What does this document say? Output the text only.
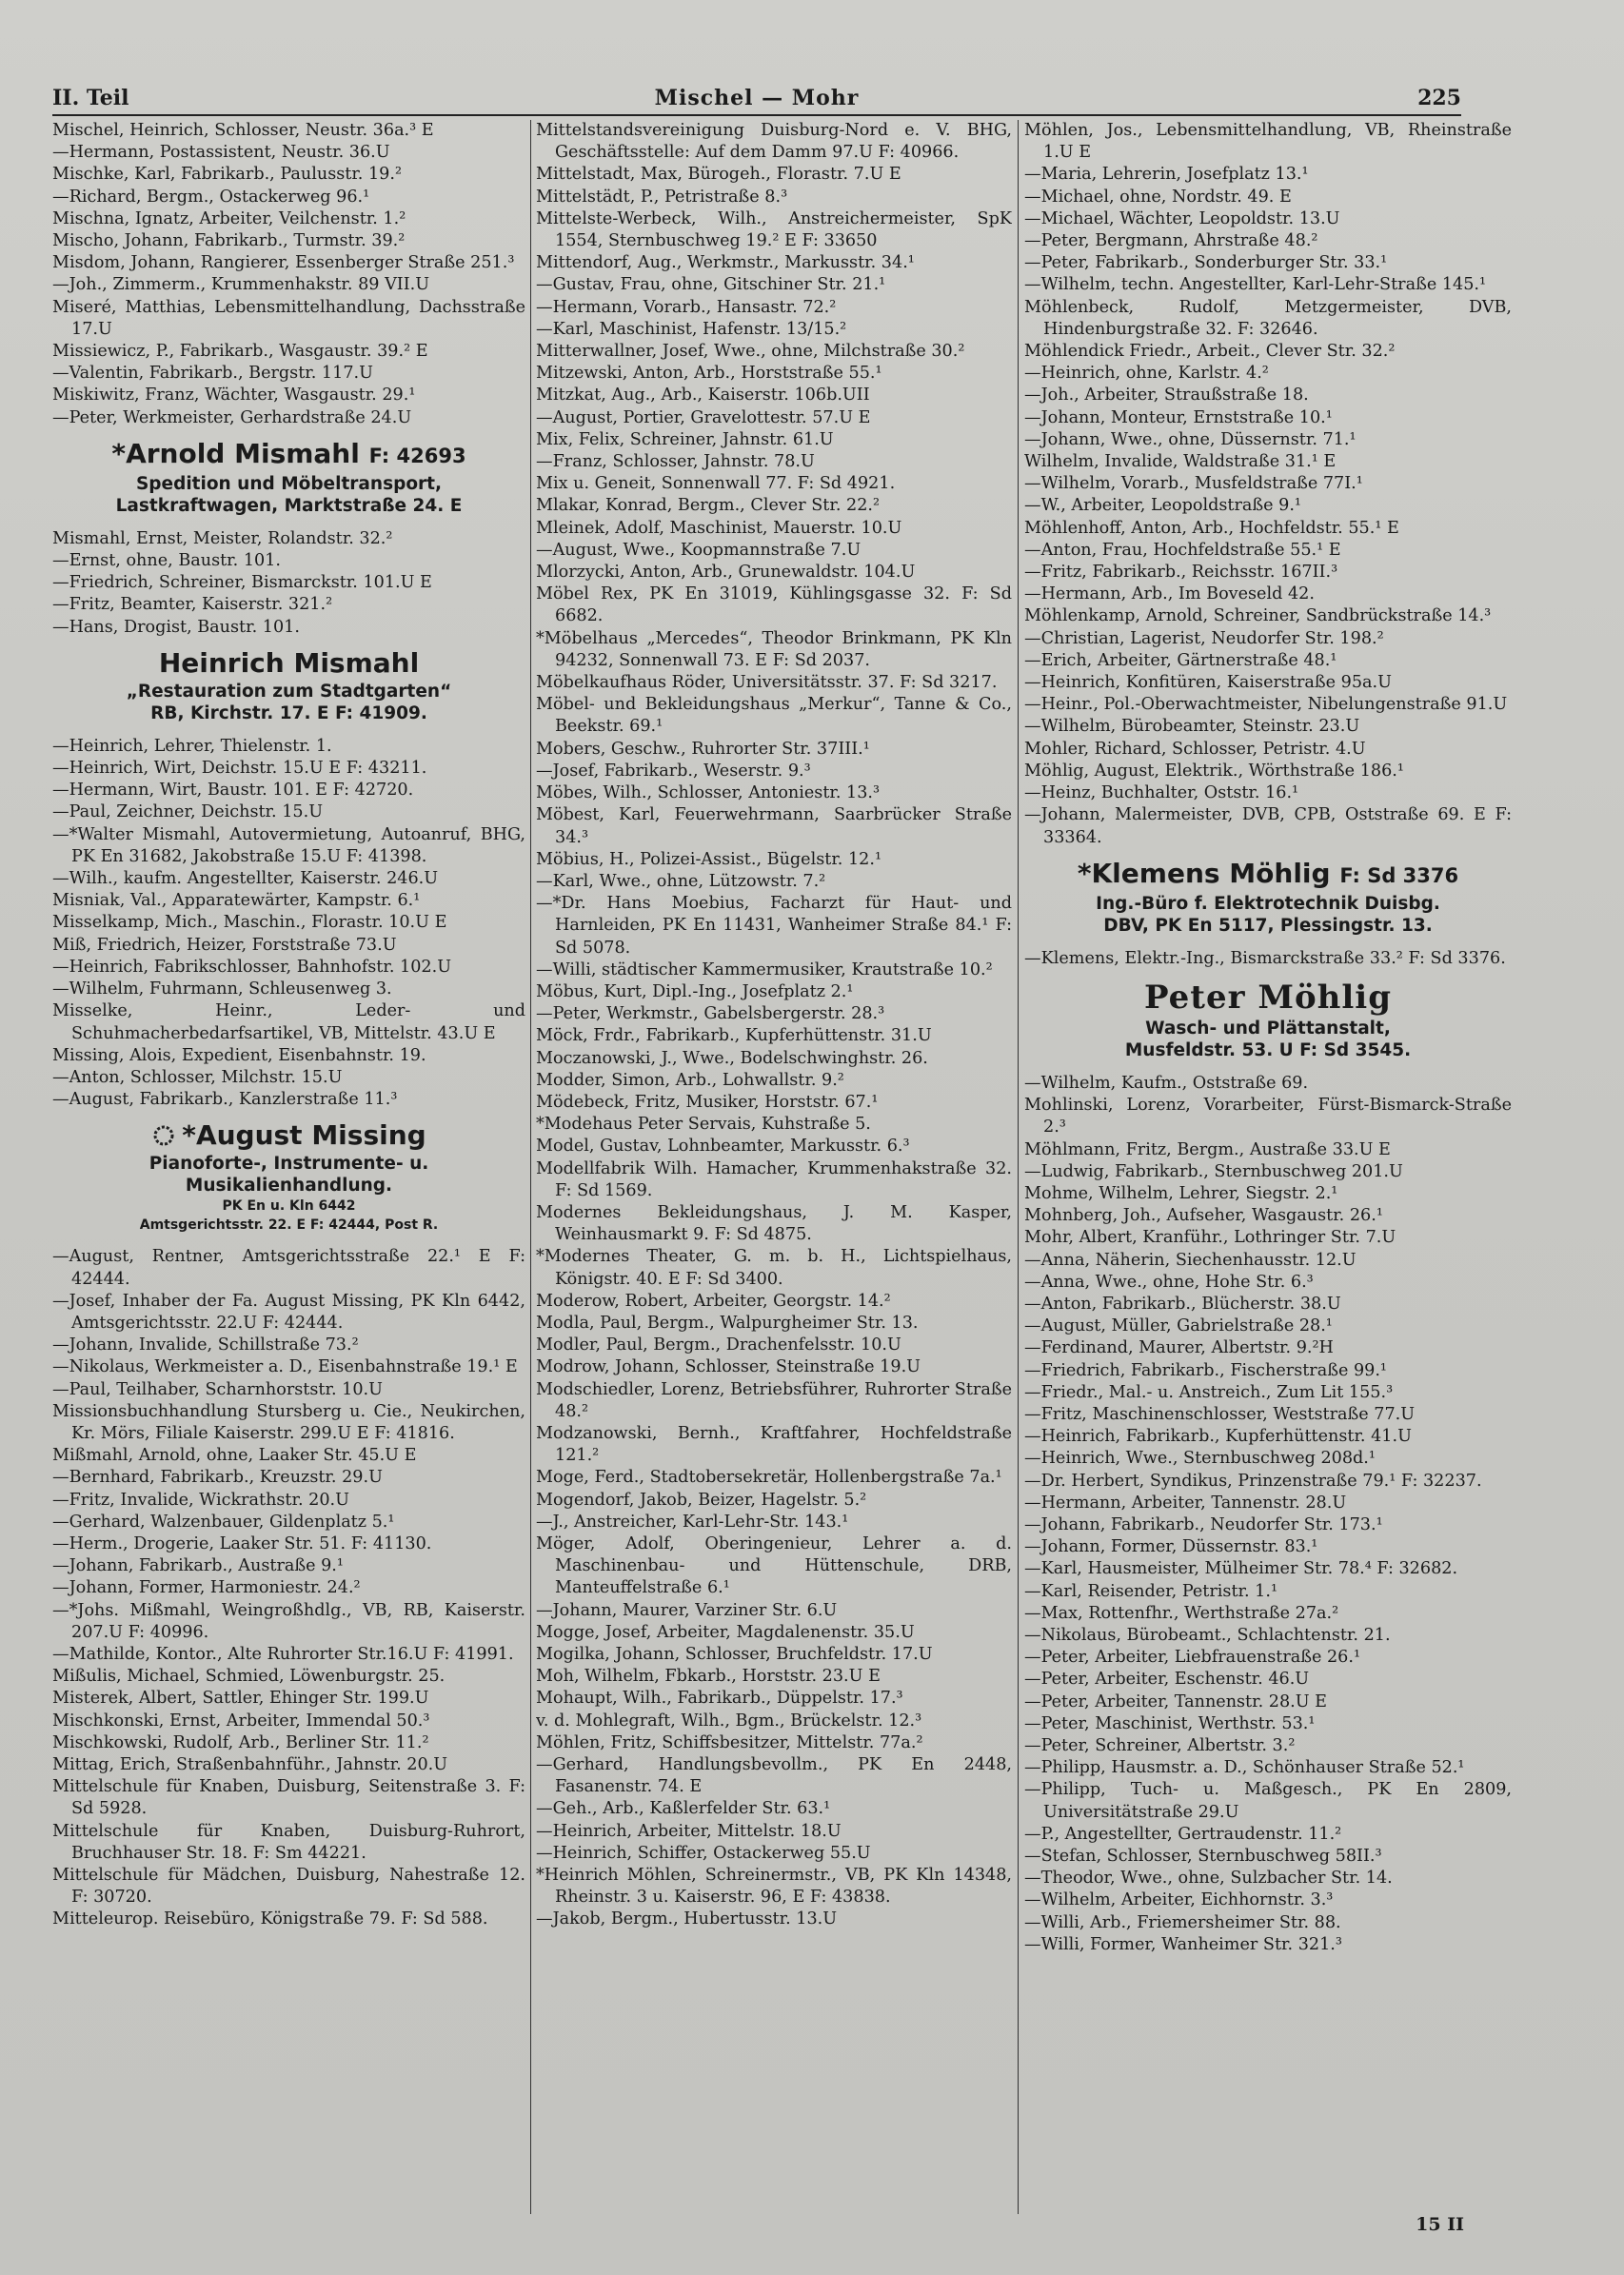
II. Teil	Mischel — Mohr	225
Mischel, Heinrich, Schlosser, Neustr. 36a.³ E
—Hermann, Postassistent, Neustr. 36.U
Mischke, Karl, Fabrikarb., Paulusstr. 19.²
—Richard, Bergm., Ostackerweg 96.¹
Mischna, Ignatz, Arbeiter, Veilchenstr. 1.²
Mischo, Johann, Fabrikarb., Turmstr. 39.²
Misdom, Johann, Rangierer, Essenberger Straße 251.³
—Joh., Zimmerm., Krummenhakstr. 89 VII.U
Miseré, Matthias, Lebensmittelhandlung, Dachsstraße 17.U
Missiewicz, P., Fabrikarb., Wasgaustr. 39.² E
—Valentin, Fabrikarb., Bergstr. 117.U
Miskiwitz, Franz, Wächter, Wasgaustr. 29.¹
—Peter, Werkmeister, Gerhardstraße 24.U
*Arnold Mismahl F: 42693
Spedition und Möbeltransport,
Lastkraftwagen, Marktstraße 24. E
Mismahl, Ernst, Meister, Rolandstr. 32.²
—Ernst, ohne, Baustr. 101.
—Friedrich, Schreiner, Bismarckstr. 101.U E
—Fritz, Beamter, Kaiserstr. 321.²
—Hans, Drogist, Baustr. 101.
Heinrich Mismahl
„Restauration zum Stadtgarten“
RB, Kirchstr. 17. E F: 41909.
—Heinrich, Lehrer, Thielenstr. 1.
—Heinrich, Wirt, Deichstr. 15.U E F: 43211.
—Hermann, Wirt, Baustr. 101. E F: 42720.
—Paul, Zeichner, Deichstr. 15.U
—*Walter Mismahl, Autovermietung, Autoanruf, BHG, PK En 31682, Jakobstraße 15.U F: 41398.
—Wilh., kaufm. Angestellter, Kaiserstr. 246.U
Misniak, Val., Apparatewärter, Kampstr. 6.¹
Misselkamp, Mich., Maschin., Florastr. 10.U E
Miß, Friedrich, Heizer, Forststraße 73.U
—Heinrich, Fabrikschlosser, Bahnhofstr. 102.U
—Wilhelm, Fuhrmann, Schleusenweg 3.
Misselke, Heinr., Leder- und Schuhmacherbedarfsartikel, VB, Mittelstr. 43.U E
Missing, Alois, Expedient, Eisenbahnstr. 19.
—Anton, Schlosser, Milchstr. 15.U
—August, Fabrikarb., Kanzlerstraße 11.³
*August Missing
Pianoforte-, Instrumente- u. Musikalienhandlung.
PK En u. Kln 6442
Amtsgerichtsstr. 22. E F: 42444, Post R.
—August, Rentner, Amtsgerichtsstraße 22.¹ E F: 42444.
—Josef, Inhaber der Fa. August Missing, PK Kln 6442, Amtsgerichtsstr. 22.U F: 42444.
—Johann, Invalide, Schillstraße 73.²
—Nikolaus, Werkmeister a. D., Eisenbahnstraße 19.¹ E
—Paul, Teilhaber, Scharnhorststr. 10.U
Missionsbuchhandlung Stursberg u. Cie., Neukirchen, Kr. Mörs, Filiale Kaiserstr. 299.U E F: 41816.
Mißmahl, Arnold, ohne, Laaker Str. 45.U E
—Bernhard, Fabrikarb., Kreuzstr. 29.U
—Fritz, Invalide, Wickrathstr. 20.U
—Gerhard, Walzenbauer, Gildenplatz 5.¹
—Herm., Drogerie, Laaker Str. 51. F: 41130.
—Johann, Fabrikarb., Austraße 9.¹
—Johann, Former, Harmoniestr. 24.²
—*Johs. Mißmahl, Weingroßhdlg., VB, RB, Kaiserstr. 207.U F: 40996.
—Mathilde, Kontor., Alte Ruhrorter Str.16.U F: 41991.
Mißulis, Michael, Schmied, Löwenburgstr. 25.
Misterek, Albert, Sattler, Ehinger Str. 199.U
Mischkonski, Ernst, Arbeiter, Immendal 50.³
Mischkowski, Rudolf, Arb., Berliner Str. 11.²
Mittag, Erich, Straßenbahnführ., Jahnstr. 20.U
Mittelschule für Knaben, Duisburg, Seitenstraße 3. F: Sd 5928.
Mittelschule für Knaben, Duisburg-Ruhrort, Bruchhauser Str. 18. F: Sm 44221.
Mittelschule für Mädchen, Duisburg, Nahestraße 12. F: 30720.
Mitteleurop. Reisebüro, Königstraße 79. F: Sd 588.
Mittelstandsvereinigung Duisburg-Nord e. V. BHG, Geschäftsstelle: Auf dem Damm 97.U F: 40966.
Mittelstadt, Max, Bürogeh., Florastr. 7.U E
Mittelstädt, P., Petristraße 8.³
Mittelste-Werbeck, Wilh., Anstreichermeister, SpK 1554, Sternbuschweg 19.² E F: 33650
Mittendorf, Aug., Werkmstr., Markusstr. 34.¹
—Gustav, Frau, ohne, Gitschiner Str. 21.¹
—Hermann, Vorarb., Hansastr. 72.²
—Karl, Maschinist, Hafenstr. 13/15.²
Mitterwallner, Josef, Wwe., ohne, Milchstraße 30.²
Mitzewski, Anton, Arb., Horststraße 55.¹
Mitzkat, Aug., Arb., Kaiserstr. 106b.UII
—August, Portier, Gravelottestr. 57.U E
Mix, Felix, Schreiner, Jahnstr. 61.U
—Franz, Schlosser, Jahnstr. 78.U
Mix u. Geneit, Sonnenwall 77. F: Sd 4921.
Mlakar, Konrad, Bergm., Clever Str. 22.²
Mleinek, Adolf, Maschinist, Mauerstr. 10.U
—August, Wwe., Koopmannstraße 7.U
Mlorzycki, Anton, Arb., Grunewaldstr. 104.U
Möbel Rex, PK En 31019, Kühlingsgasse 32. F: Sd 6682.
*Möbelhaus „Mercedes“, Theodor Brinkmann, PK Kln 94232, Sonnenwall 73. E F: Sd 2037.
Möbelkaufhaus Röder, Universitätsstr. 37. F: Sd 3217.
Möbel- und Bekleidungshaus „Merkur“, Tanne & Co., Beekstr. 69.¹
Mobers, Geschw., Ruhrorter Str. 37III.¹
—Josef, Fabrikarb., Weserstr. 9.³
Möbes, Wilh., Schlosser, Antoniestr. 13.³
Möbest, Karl, Feuerwehrmann, Saarbrücker Straße 34.³
Möbius, H., Polizei-Assist., Bügelstr. 12.¹
—Karl, Wwe., ohne, Lützowstr. 7.²
—*Dr. Hans Moebius, Facharzt für Haut- und Harnleiden, PK En 11431, Wanheimer Straße 84.¹ F: Sd 5078.
—Willi, städtischer Kammermusiker, Krautstraße 10.²
Möbus, Kurt, Dipl.-Ing., Josefplatz 2.¹
—Peter, Werkmstr., Gabelsbergerstr. 28.³
Möck, Frdr., Fabrikarb., Kupferhüttenstr. 31.U
Moczanowski, J., Wwe., Bodelschwinghstr. 26.
Modder, Simon, Arb., Lohwallstr. 9.²
Mödebeck, Fritz, Musiker, Horststr. 67.¹
*Modehaus Peter Servais, Kuhstraße 5.
Model, Gustav, Lohnbeamter, Markusstr. 6.³
Modellfabrik Wilh. Hamacher, Krummenhakstraße 32. F: Sd 1569.
Modernes Bekleidungshaus, J. M. Kasper, Weinhausmarkt 9. F: Sd 4875.
*Modernes Theater, G. m. b. H., Lichtspielhaus, Königstr. 40. E F: Sd 3400.
Moderow, Robert, Arbeiter, Georgstr. 14.²
Modla, Paul, Bergm., Walpurgheimer Str. 13.
Modler, Paul, Bergm., Drachenfelsstr. 10.U
Modrow, Johann, Schlosser, Steinstraße 19.U
Modschiedler, Lorenz, Betriebsführer, Ruhrorter Straße 48.²
Modzanowski, Bernh., Kraftfahrer, Hochfeldstraße 121.²
Moge, Ferd., Stadtobersekretär, Hollenbergstraße 7a.¹
Mogendorf, Jakob, Beizer, Hagelstr. 5.²
—J., Anstreicher, Karl-Lehr-Str. 143.¹
Möger, Adolf, Oberingenieur, Lehrer a. d. Maschinenbau- und Hüttenschule, DRB, Manteuffelstraße 6.¹
—Johann, Maurer, Varziner Str. 6.U
Mogge, Josef, Arbeiter, Magdalenenstr. 35.U
Mogilka, Johann, Schlosser, Bruchfeldstr. 17.U
Moh, Wilhelm, Fbkarb., Horststr. 23.U E
Mohaupt, Wilh., Fabrikarb., Düppelstr. 17.³
v. d. Mohlegraft, Wilh., Bgm., Brückelstr. 12.³
Möhlen, Fritz, Schiffsbesitzer, Mittelstr. 77a.²
—Gerhard, Handlungsbevollm., PK En 2448, Fasanenstr. 74. E
—Geh., Arb., Kaßlerfelder Str. 63.¹
—Heinrich, Arbeiter, Mittelstr. 18.U
—Heinrich, Schiffer, Ostackerweg 55.U
*Heinrich Möhlen, Schreinermstr., VB, PK Kln 14348, Rheinstr. 3 u. Kaiserstr. 96, E F: 43838.
—Jakob, Bergm., Hubertusstr. 13.U
Möhlen, Jos., Lebensmittelhandlung, VB, Rheinstraße 1.U E
—Maria, Lehrerin, Josefplatz 13.¹
—Michael, ohne, Nordstr. 49. E
—Michael, Wächter, Leopoldstr. 13.U
—Peter, Bergmann, Ahrstraße 48.²
—Peter, Fabrikarb., Sonderburger Str. 33.¹
—Wilhelm, techn. Angestellter, Karl-Lehr-Straße 145.¹
Möhlenbeck, Rudolf, Metzgermeister, DVB, Hindenburgstraße 32. F: 32646.
Möhlendick Friedr., Arbeit., Clever Str. 32.²
—Heinrich, ohne, Karlstr. 4.²
—Joh., Arbeiter, Straußstraße 18.
—Johann, Monteur, Ernststraße 10.¹
—Johann, Wwe., ohne, Düssernstr. 71.¹
Wilhelm, Invalide, Waldstraße 31.¹ E
—Wilhelm, Vorarb., Musfeldstraße 77I.¹
—W., Arbeiter, Leopoldstraße 9.¹
Möhlenhoff, Anton, Arb., Hochfeldstr. 55.¹ E
—Anton, Frau, Hochfeldstraße 55.¹ E
—Fritz, Fabrikarb., Reichsstr. 167II.³
—Hermann, Arb., Im Boveseld 42.
Möhlenkamp, Arnold, Schreiner, Sandbrückstraße 14.³
—Christian, Lagerist, Neudorfer Str. 198.²
—Erich, Arbeiter, Gärtnerstraße 48.¹
—Heinrich, Konfitüren, Kaiserstraße 95a.U
—Heinr., Pol.-Oberwachtmeister, Nibelungenstraße 91.U
—Wilhelm, Bürobeamter, Steinstr. 23.U
Mohler, Richard, Schlosser, Petristr. 4.U
Möhlig, August, Elektrik., Wörthstraße 186.¹
—Heinz, Buchhalter, Oststr. 16.¹
—Johann, Malermeister, DVB, CPB, Oststraße 69. E F: 33364.
*Klemens Möhlig F: Sd 3376
Ing.-Büro f. Elektrotechnik Duisbg.
DBV, PK En 5117, Plessingstr. 13.
—Klemens, Elektr.-Ing., Bismarckstraße 33.² F: Sd 3376.
Peter Möhlig
Wasch- und Plättanstalt,
Musfeldstr. 53. U F: Sd 3545.
—Wilhelm, Kaufm., Oststraße 69.
Mohlinski, Lorenz, Vorarbeiter, Fürst-Bismarck-Straße 2.³
Möhlmann, Fritz, Bergm., Austraße 33.U E
—Ludwig, Fabrikarb., Sternbuschweg 201.U
Mohme, Wilhelm, Lehrer, Siegstr. 2.¹
Mohnberg, Joh., Aufseher, Wasgaustr. 26.¹
Mohr, Albert, Kranführ., Lothringer Str. 7.U
—Anna, Näherin, Siechenhausstr. 12.U
—Anna, Wwe., ohne, Hohe Str. 6.³
—Anton, Fabrikarb., Blücherstr. 38.U
—August, Müller, Gabrielstraße 28.¹
—Ferdinand, Maurer, Albertstr. 9.²H
—Friedrich, Fabrikarb., Fischerstraße 99.¹
—Friedr., Mal.- u. Anstreich., Zum Lit 155.³
—Fritz, Maschinenschlosser, Weststraße 77.U
—Heinrich, Fabrikarb., Kupferhüttenstr. 41.U
—Heinrich, Wwe., Sternbuschweg 208d.¹
—Dr. Herbert, Syndikus, Prinzenstraße 79.¹ F: 32237.
—Hermann, Arbeiter, Tannenstr. 28.U
—Johann, Fabrikarb., Neudorfer Str. 173.¹
—Johann, Former, Düssernstr. 83.¹
—Karl, Hausmeister, Mülheimer Str. 78.⁴ F: 32682.
—Karl, Reisender, Petristr. 1.¹
—Max, Rottenfhr., Werthstraße 27a.²
—Nikolaus, Bürobeamt., Schlachtenstr. 21.
—Peter, Arbeiter, Liebfrauenstraße 26.¹
—Peter, Arbeiter, Eschenstr. 46.U
—Peter, Arbeiter, Tannenstr. 28.U E
—Peter, Maschinist, Werthstr. 53.¹
—Peter, Schreiner, Albertstr. 3.²
—Philipp, Hausmstr. a. D., Schönhauser Straße 52.¹
—Philipp, Tuch- u. Maßgesch., PK En 2809, Universitätstraße 29.U
—P., Angestellter, Gertraudenstr. 11.²
—Stefan, Schlosser, Sternbuschweg 58II.³
—Theodor, Wwe., ohne, Sulzbacher Str. 14.
—Wilhelm, Arbeiter, Eichhornstr. 3.³
—Willi, Arb., Friemersheimer Str. 88.
—Willi, Former, Wanheimer Str. 321.³
15 II
